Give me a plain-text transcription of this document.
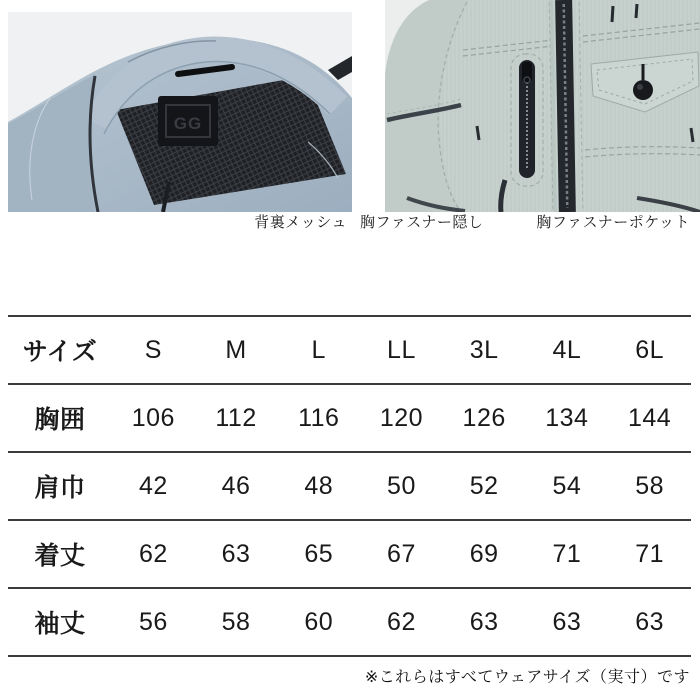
GG
背裏メッシュ 胸ファスナー隠し	胸ファスナーポケット
サイズ	S	M	L	LL	3L	4L	6L
胸囲	106	112	116	120	126	134	144
肩巾	42	46	48	50	52	54	58
着丈	62	63	65	67	69	71	71
袖丈	56	58	60	62	63	63	63
※これらはすべてウェアサイズ（実寸）です
